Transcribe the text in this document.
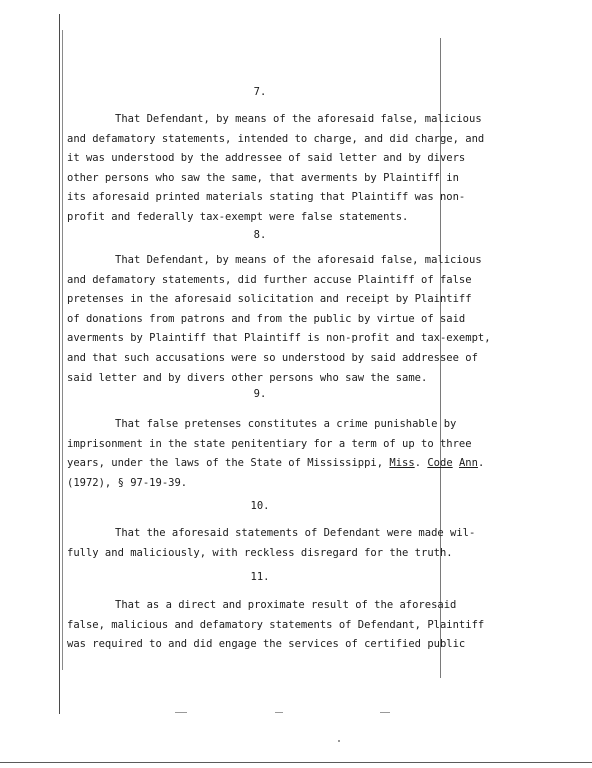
7.
That Defendant, by means of the aforesaid false, malicious
and defamatory statements, intended to charge, and did charge, and
it was understood by the addressee of said letter and by divers
other persons who saw the same, that averments by Plaintiff in
its aforesaid printed materials stating that Plaintiff was non-
profit and federally tax-exempt were false statements.
8.
That Defendant, by means of the aforesaid false, malicious
and defamatory statements, did further accuse Plaintiff of false
pretenses in the aforesaid solicitation and receipt by Plaintiff
of donations from patrons and from the public by virtue of said
averments by Plaintiff that Plaintiff is non-profit and tax-exempt,
and that such accusations were so understood by said addressee of
said letter and by divers other persons who saw the same.
9.
That false pretenses constitutes a crime punishable by
imprisonment in the state penitentiary for a term of up to three
years, under the laws of the State of Mississippi, Miss. Code Ann.
(1972), § 97-19-39.
10.
That the aforesaid statements of Defendant were made wil-
fully and maliciously, with reckless disregard for the truth.
11.
That as a direct and proximate result of the aforesaid
false, malicious and defamatory statements of Defendant, Plaintiff
was required to and did engage the services of certified public
